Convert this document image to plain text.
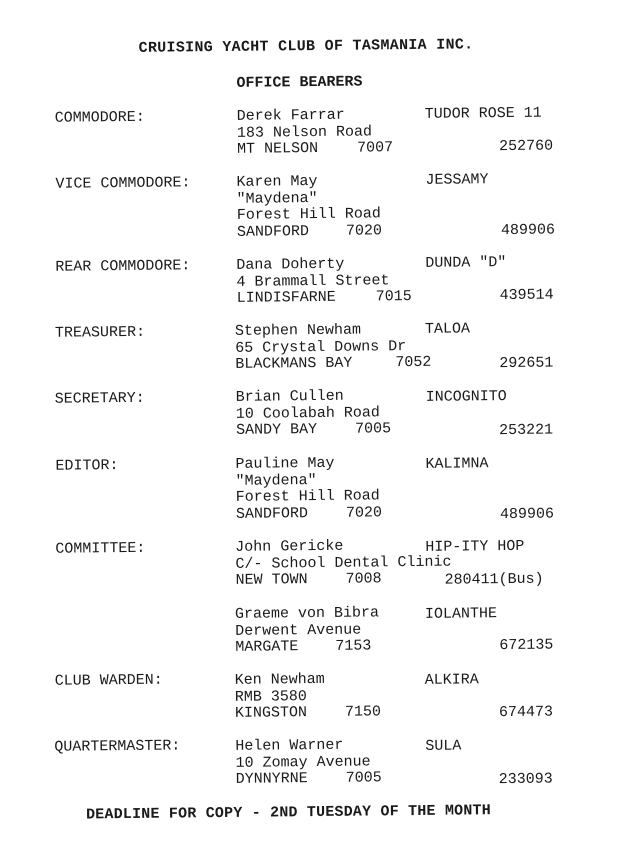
CRUISING YACHT CLUB OF TASMANIA INC.
OFFICE BEARERS
COMMODORE:	Derek Farrar
183 Nelson Road
MT NELSON	7007
TUDOR ROSE 11
252760
VICE COMMODORE:	Karen May
"Maydena"
Forest Hill Road
SANDFORD 7020
JESSAMY
489906
REAR COMMODORE:	Dana Doherty
4 Brammall Street
LINDISFARNE	7015
DUNDA "D"
439514
TREASURER:	Stephen Newham
65 Crystal Downs Dr
BLACKMANS BAY	7052
TALOA
292651
SECRETARY:	Brian Cullen
10 Coolabah Road
SANDY BAY	7005
INCOGNITO
253221
EDITOR:	Pauline May
"Maydena"
Forest Hill Road
SANDFORD	7020
KALIMNA
489906
COMMITTEE:	John Gericke
C/- School Dental Clinic
NEW TOWN	7008
HIP-ITY HOP
280411(Bus)
Graeme von Bibra
Derwent Avenue
MARGATE 7153
IOLANTHE
672135
CLUB WARDEN:	Ken Newham
RMB 3580
KINGSTON	7150
ALKIRA
674473
QUARTERMASTER:	Helen Warner
10 Zomay Avenue
DYNNYRNE	7005
SULA
233093
DEADLINE FOR COPY - 2ND TUESDAY OF THE MONTH
